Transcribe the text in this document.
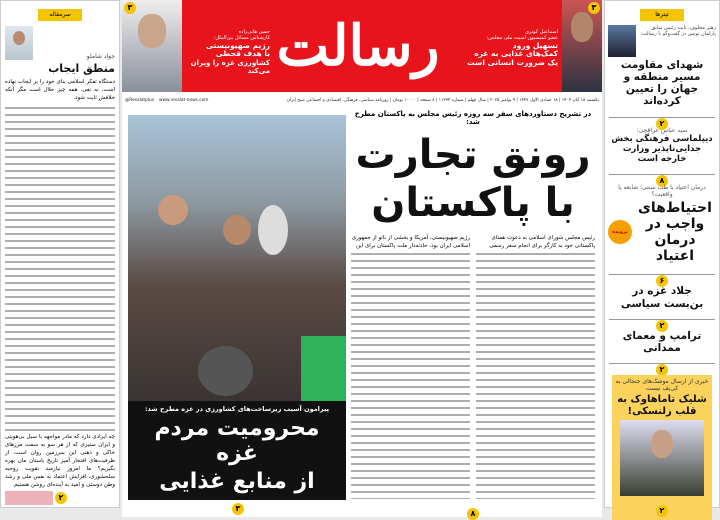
سرمقاله
جواد شاملو
منطق ایجاب
دستگاه تفکر اسلامی بنای خود را بر ایجاب نهاده است، نه نفی. همه چیز حلال است مگر آنکه خلافش ثابت شود.
چه ایرادی دارد که مادر مواجهه با سیل بی‌هویتی و ایران ستیزی که از هر سو به سمت مرزهای خاکی و ذهنی این سرزمین روان است، از ظرفیت‌های افتخار آمیز تاریخ باستان مان بهره بگیریم؟ ما امروز نیازمند تقویت روحیه سلحشوری، افزایش اعتماد به نفس ملی و رشد وطن دوستی و امید به آینده‌ای روشن هستیم.
۲
رسالت
۳
حسن هانی‌زاده
کارشناس مسائل بین‌الملل:
رژیم صهیونیستی
با هدف قحطی
کشاورزی غزه را ویران می‌کند
۳
اسماعیل کوثری
عضو کمیسیون امنیت ملی مجلس:
تسهیل ورود
کمک‌های غذایی به غزه
یک ضرورت انسانی است
یکشنبه ۱۸ آبان ۱۴۰۴ | ۱۸ جمادی الاول ۱۴۴۷ | ۹ نوامبر ۲۰۲۵ | سال چهلم | شماره ۱۱۳۷۴ | ۸ صفحه | ۱۰۰۰۰ تومان | روزنامه سیاسی، فرهنگی، اقتصادی و اجتماعی صبح ایران
www.resalat-news.com
@Resalatplus
پیرامون آسیب زیرساخت‌های کشاورزی در غزه مطرح شد:
محرومیت مردم غزه
از منابع غذایی
۳
در تشریح دستاوردهای سفر سه روزه رئیس مجلس به پاکستان مطرح شد:
رونق تجارت
با پاکستان
رئیس مجلس شورای اسلامی به دعوت همتای پاکستانی خود به کارگر برای انجام سفر رسمی
رژیم صهیونیستی، آمریکا و بخشی از ناتو از جمهوری اسلامی ایران بود، حادثه‌دار ملت پاکستان برای این
۸
تیترها
زهیر مخلوف، نایب رئیس سابق پارلمان تونس در گفت‌وگو با رسالت:
شهدای مقاومت مسیر منطقه و جهان را تعیین کرده‌اند
۲
سید عباس عراقچی:
دیپلماسی فرهنگی بخش جدایی‌ناپذیر وزارت خارجه است
۸
درمان اعتیاد با طب سنتی؛ شایعه یا واقعیت؟
احتیاط‌های واجب در درمان اعتیاد
پرونده
۶
جلاد غزه در بن‌بست سیاسی
۲
ترامپ و معمای ممدانی
۲
خبری از ارسال موشک‌های جنجالی به کی‌یف نیست
شلیک تاماهاوک به قلب زلنسکی!
۲
